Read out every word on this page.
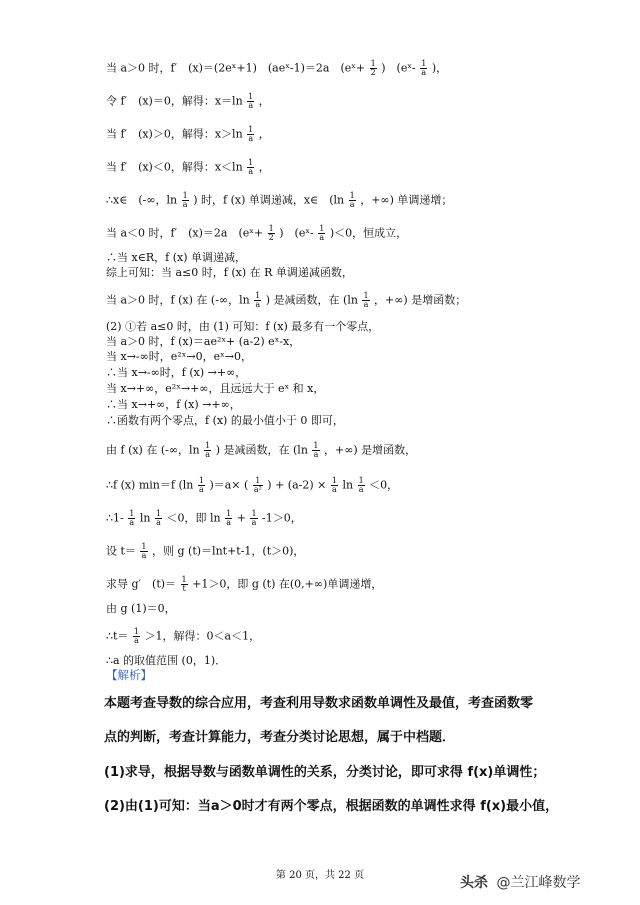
当 a＞0 时，f′　(x)＝(2eˣ+1)　(aeˣ-1)＝2a　(eˣ+ $\frac{1}{2}$ )　(eˣ- $\frac{1}{a}$ )，
令 f′　(x)＝0，解得：$x=\ln \frac{1}{a}$ ，
当 f′　(x)＞0，解得：$x>\ln \frac{1}{a}$ ，
当 f′　(x)＜0，解得：$x<\ln \frac{1}{a}$ ，
∴x∈　(-∞，$\ln \frac{1}{a}$ ) 时，f (x) 单调递减，x∈　($\ln \frac{1}{a}$ ，+∞) 单调递增；
当 a＜0 时，f′　(x)＝2a　(eˣ+ $\frac{1}{2}$ )　(eˣ- $\frac{1}{a} )<0$，恒成立，
∴当 x∈R，f (x) 单调递减，
综上可知：当 a≤0 时，f (x) 在 R 单调递减函数，
当 a＞0 时，f (x) 在 (-∞，$\ln \frac{1}{a}$ ) 是减函数，在 ($\ln \frac{1}{a}$ ，+∞) 是增函数；
(2) ①若 a≤0 时，由 (1) 可知：f (x) 最多有一个零点，
当 a＞0 时，f (x)＝ae²ˣ+ (a-2) eˣ-x，
当 x→-∞时，e²ˣ→0，eˣ→0，
∴当 x→-∞时，f (x) →+∞，
当 x→+∞，e²ˣ→+∞，且远远大于 eˣ 和 x，
∴当 x→+∞，f (x) →+∞，
∴函数有两个零点，f (x) 的最小值小于 0 即可，
由 f (x) 在 (-∞，$\ln \frac{1}{a}$ ) 是减函数，在 ($\ln \frac{1}{a}$ ，+∞) 是增函数，
∴f (x) min＝f $(\ln \frac{1}{a} )=a\times$ ( $\frac{1}{\text{a²}}$ ) + $(a-2) \times \frac{1}{a}$ $\ln \frac{1}{a} <0$，
∴1- $\frac{1}{a}$ $\ln \frac{1}{a} <0$，即 $\ln \frac{1}{a} + \frac{1}{a} -1>0$，
设 $t= \frac{1}{a}$ ，则 g (t)＝lnt+t-1，(t＞0)，
求导 g′　$(t)= \frac{1}{t} +1>0$，即 g (t) 在(0,+∞)单调递增，
由 g (1)＝0，
∴t＝ $\frac{1}{a} >1$，解得：0＜a＜1，
∴a 的取值范围 (0，1)．
【解析】
本题考查导数的综合应用，考查利用导数求函数单调性及最值，考查函数零
点的判断，考查计算能力，考查分类讨论思想，属于中档题．
(1)求导，根据导数与函数单调性的关系，分类讨论，即可求得 f(x)单调性；
(2)由(1)可知：当a＞0时才有两个零点，根据函数的单调性求得 f(x)最小值，
第 20 页，共 22 页	头杀 @兰江峰数学
